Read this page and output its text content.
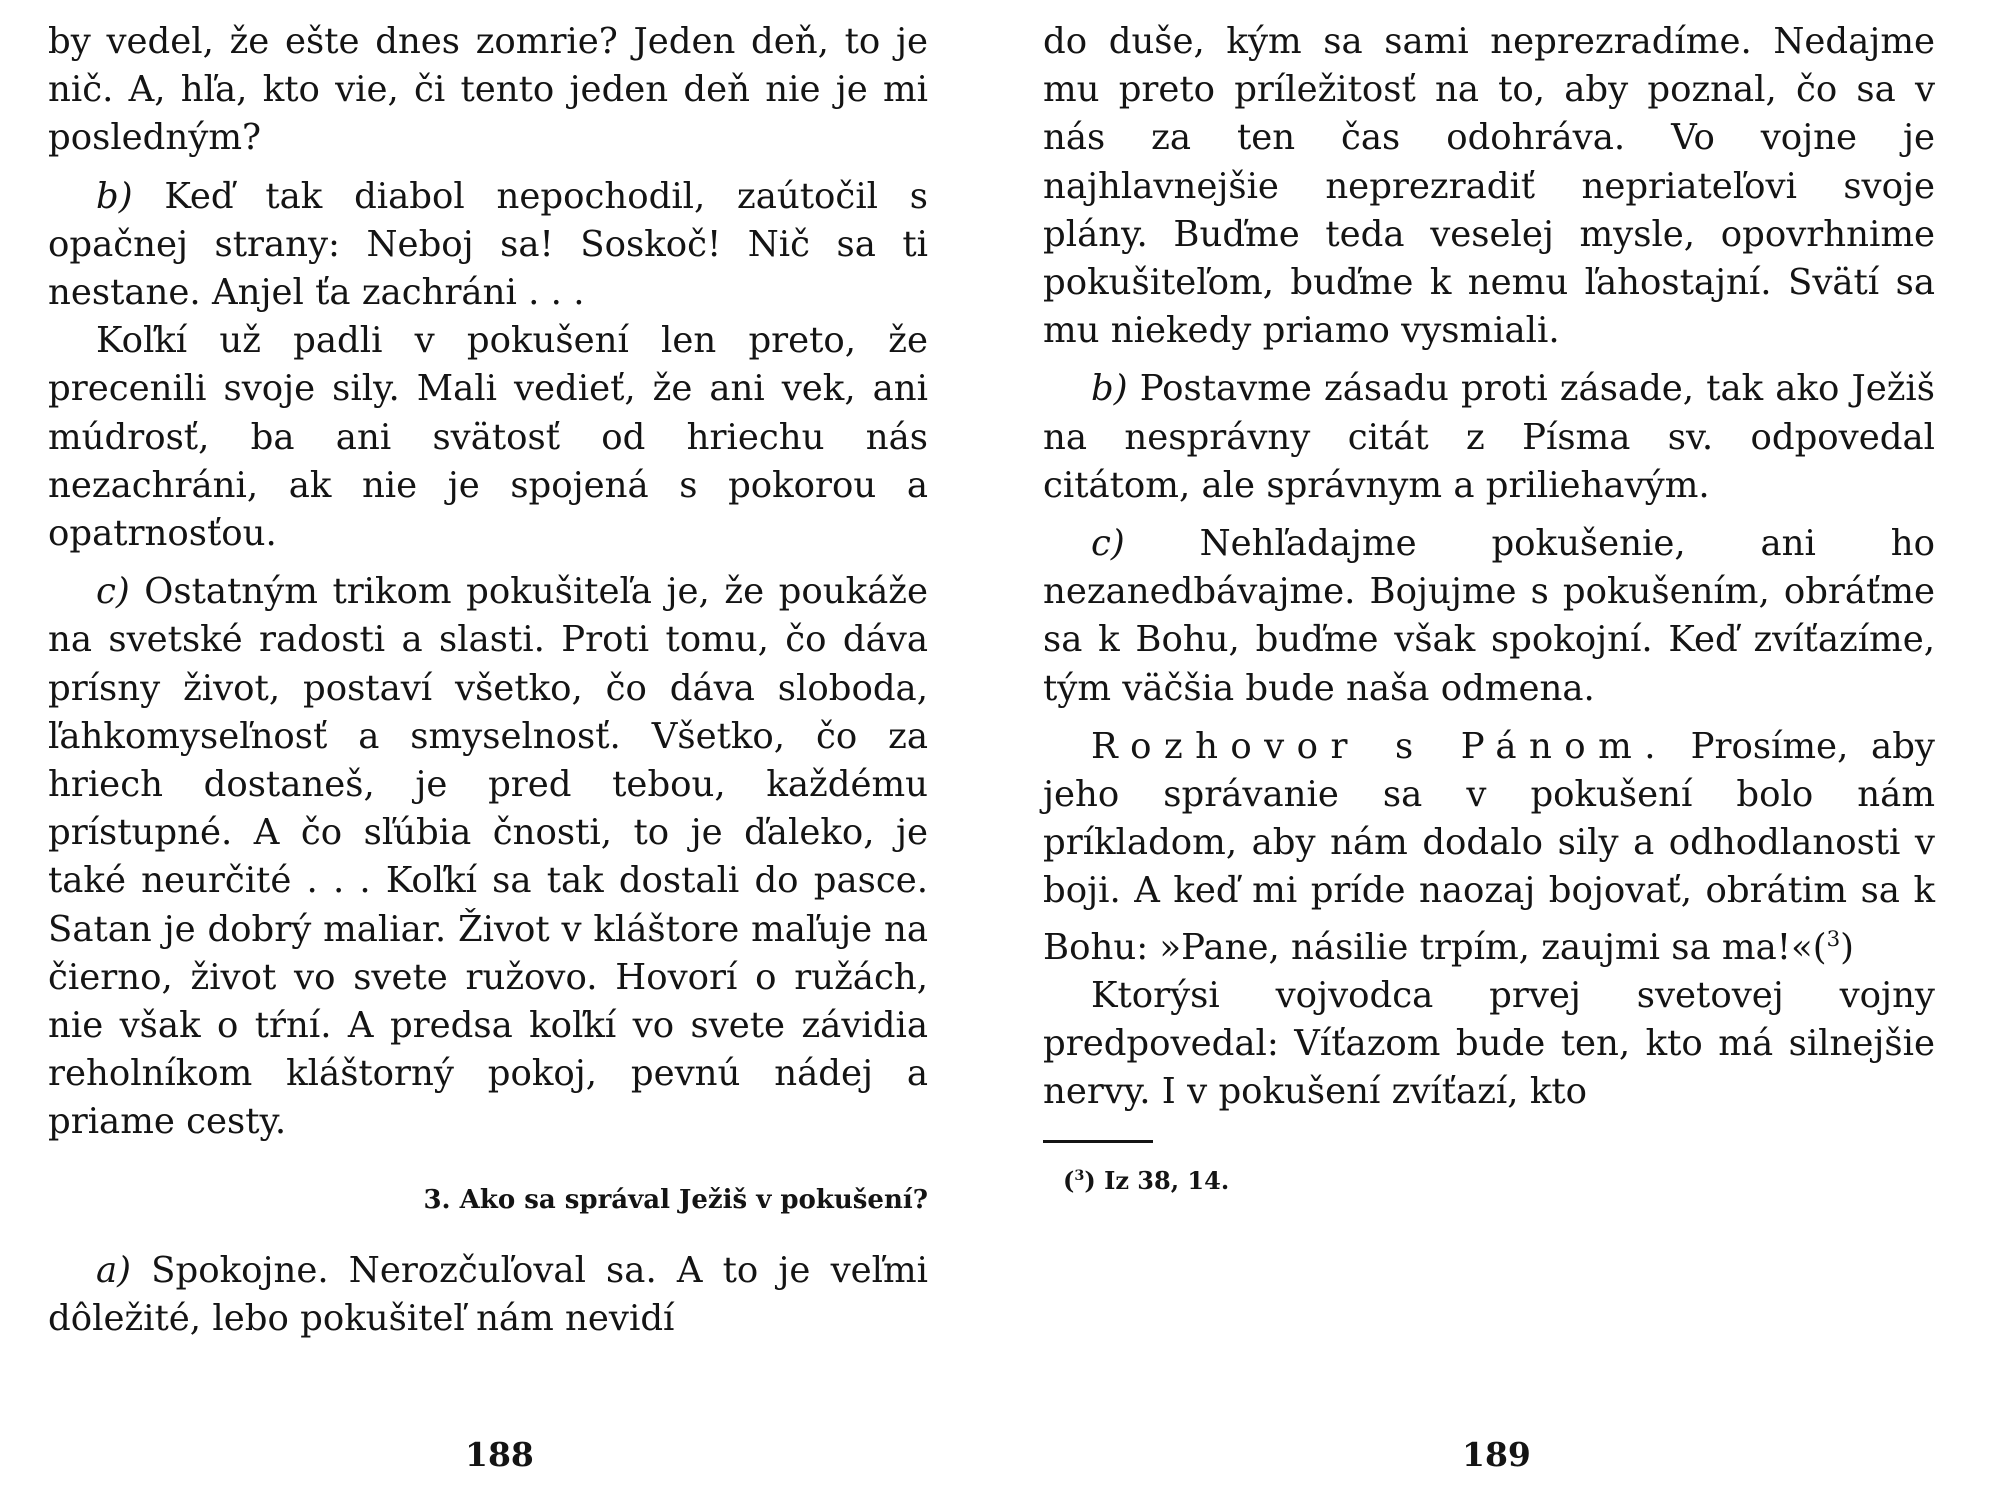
by vedel, že ešte dnes zomrie? Jeden deň, to je nič. A, hľa, kto vie, či tento jeden deň nie je mi posledným?

b) Keď tak diabol nepochodil, zaútočil s opačnej strany: Neboj sa! Soskoč! Nič sa ti nestane. Anjel ťa zachráni . . .

Koľkí už padli v pokušení len preto, že precenili svoje sily. Mali vedieť, že ani vek, ani múdrosť, ba ani svätosť od hriechu nás nezachráni, ak nie je spojená s pokorou a opatrnosťou.

c) Ostatným trikom pokušiteľa je, že poukáže na svetské radosti a slasti. Proti tomu, čo dáva prísny život, postaví všetko, čo dáva sloboda, ľahkomyseľnosť a smyselnosť. Všetko, čo za hriech dostaneš, je pred tebou, každému prístupné. A čo sľúbia čnosti, to je ďaleko, je také neurčité . . . Koľkí sa tak dostali do pasce. Satan je dobrý maliar. Život v kláštore maľuje na čierno, život vo svete ružovo. Hovorí o ružách, nie však o tŕní. A predsa koľkí vo svete závidia reholníkom kláštorný pokoj, pevnú nádej a priame cesty.

3. Ako sa správal Ježiš v pokušení?

a) Spokojne. Nerozčuľoval sa. A to je veľmi dôležité, lebo pokušiteľ nám nevidí

188

do duše, kým sa sami neprezradíme. Nedajme mu preto príležitosť na to, aby poznal, čo sa v nás za ten čas odohráva. Vo vojne je najhlavnejšie neprezradiť nepriateľovi svoje plány. Buďme teda veselej mysle, opovrhnime pokušiteľom, buďme k nemu ľahostajní. Svätí sa mu niekedy priamo vysmiali.

b) Postavme zásadu proti zásade, tak ako Ježiš na nesprávny citát z Písma sv. odpovedal citátom, ale správnym a priliehavým.

c) Nehľadajme pokušenie, ani ho nezanedbávajme. Bojujme s pokušením, obráťme sa k Bohu, buďme však spokojní. Keď zvíťazíme, tým väčšia bude naša odmena.

Rozhovor s Pánom. Prosíme, aby jeho správanie sa v pokušení bolo nám príkladom, aby nám dodalo sily a odhodlanosti v boji. A keď mi príde naozaj bojovať, obrátim sa k Bohu: »Pane, násilie trpím, zaujmi sa ma!«($^3$)

Ktorýsi vojvodca prvej svetovej vojny predpovedal: Víťazom bude ten, kto má silnejšie nervy. I v pokušení zvíťazí, kto

($^3$) Iz 38, 14.
189
